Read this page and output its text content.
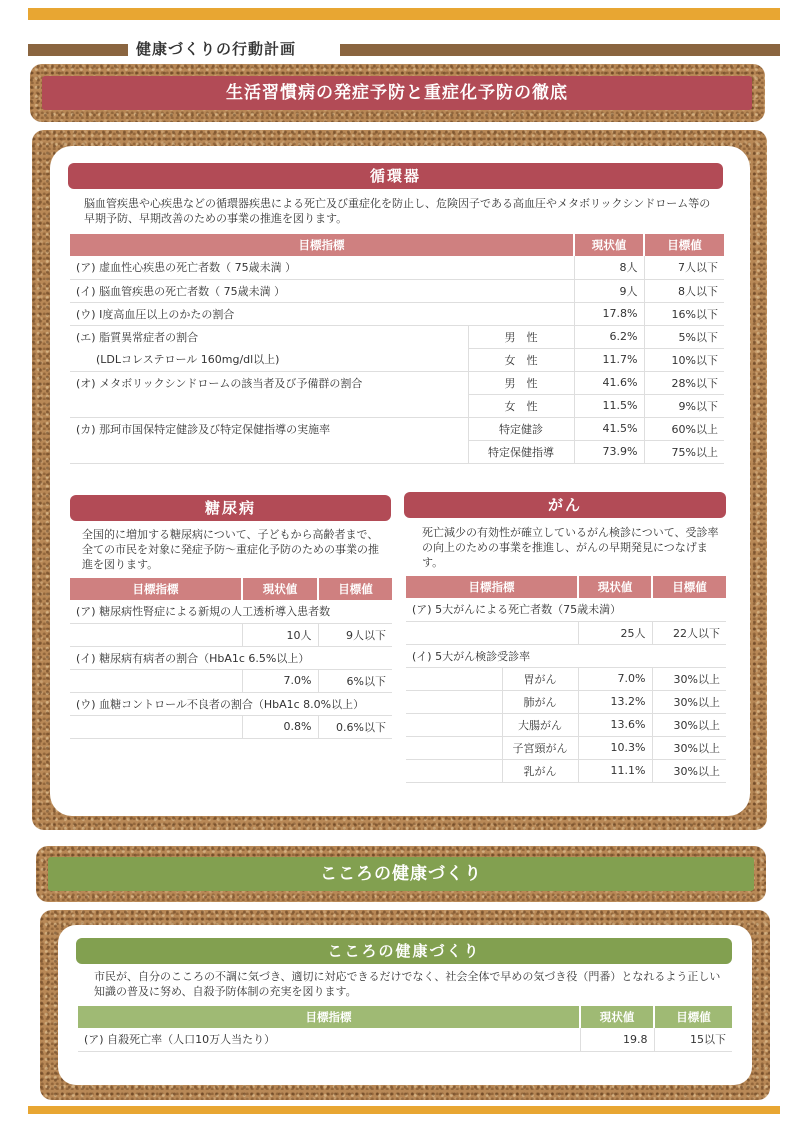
健康づくりの行動計画
生活習慣病の発症予防と重症化予防の徹底
循環器
脳血管疾患や心疾患などの循環器疾患による死亡及び重症化を防止し、危険因子である高血圧やメタボリックシンドローム等の早期予防、早期改善のための事業の推進を図ります。
目標指標		現状値	目標値
(ア) 虚血性心疾患の死亡者数（ 75歳未満 ）		8人	7人以下
(イ) 脳血管疾患の死亡者数（ 75歳未満 ）		9人	8人以下
(ウ) Ⅰ度高血圧以上のかたの割合		17.8%	16%以下
(エ) 脂質異常症者の割合	男　性	6.2%	5%以下
(LDLコレステロール 160mg/dl以上)	女　性	11.7%	10%以下
(オ) メタボリックシンドロームの該当者及び予備群の割合	男　性	41.6%	28%以下
	女　性	11.5%	9%以下
(カ) 那珂市国保特定健診及び特定保健指導の実施率	特定健診	41.5%	60%以上
	特定保健指導	73.9%	75%以上
糖尿病
全国的に増加する糖尿病について、子どもから高齢者まで、全ての市民を対象に発症予防～重症化予防のための事業の推進を図ります。
目標指標	現状値	目標値
(ア) 糖尿病性腎症による新規の人工透析導入患者数		
	10人	9人以下
(イ) 糖尿病有病者の割合（HbA1c 6.5%以上）		
	7.0%	6%以下
(ウ) 血糖コントロール不良者の割合（HbA1c 8.0%以上）		
	0.8%	0.6%以下
がん
死亡減少の有効性が確立しているがん検診について、受診率の向上のための事業を推進し、がんの早期発見につなげます。
目標指標		現状値	目標値
(ア) 5大がんによる死亡者数（75歳未満）			
		25人	22人以下
(イ) 5大がん検診受診率			
	胃がん	7.0%	30%以上
	肺がん	13.2%	30%以上
	大腸がん	13.6%	30%以上
	子宮頸がん	10.3%	30%以上
	乳がん	11.1%	30%以上
こころの健康づくり
こころの健康づくり
市民が、自分のこころの不調に気づき、適切に対応できるだけでなく、社会全体で早めの気づき役（門番）となれるよう正しい知識の普及に努め、自殺予防体制の充実を図ります。
目標指標	現状値	目標値
(ア) 自殺死亡率（人口10万人当たり）	19.8	15以下
